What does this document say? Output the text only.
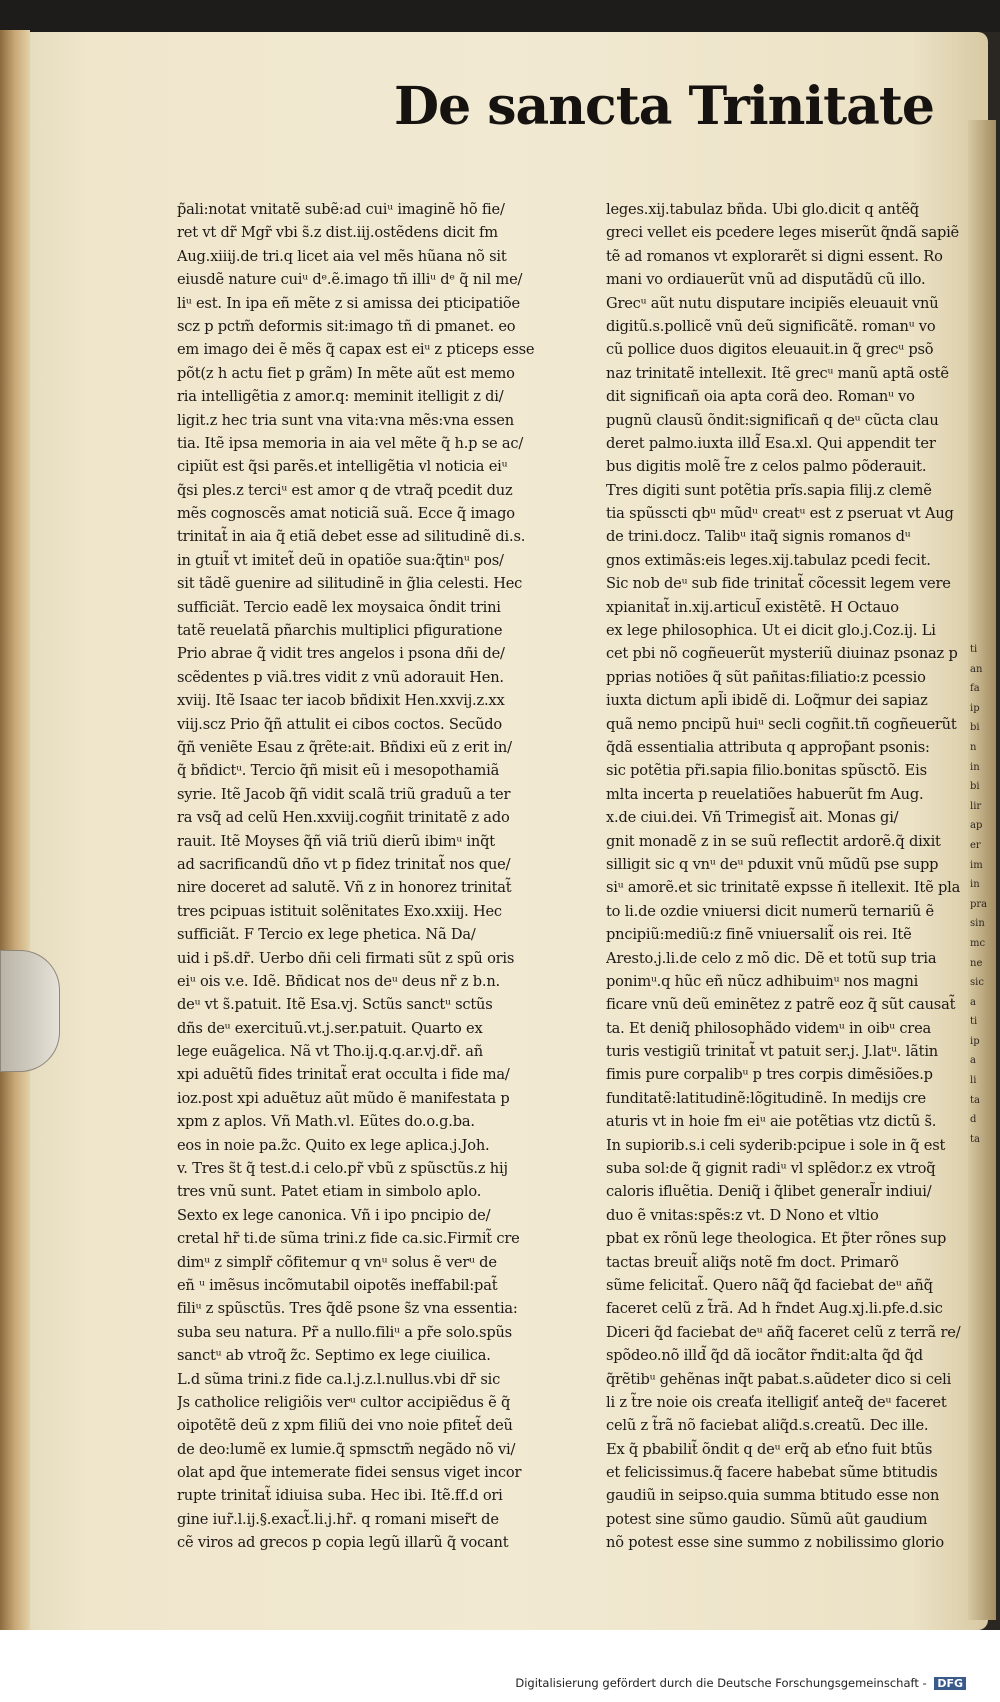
De sancta Trinitate
p̃ali:notat vnitatẽ subẽ:ad cuiᵘ imaginẽ hõ fie/
ret vt dr̃ Mgr̃ vbi s̃.z dist.iij.ostẽdens dicit fm
Aug.xiiij.de tri.q licet aia vel mẽs hũana nõ sit
eiusdẽ nature cuiᵘ dᵉ.ẽ.imago tñ illiᵘ dᵉ q̃ nil me/
liᵘ est. In ipa eñ mẽte z si amissa dei pticipatiõe
scz p pctm̃ deformis sit:imago tñ di pmanet. eo
em imago dei ẽ mẽs q̃ capax est eiᵘ z pticeps esse
põt(z h actu fiet p grãm) In mẽte aũt est memo
ria intelligẽtia z amor.q: meminit itelligit z di/
ligit.z hec tria sunt vna vita:vna mẽs:vna essen
tia. Itẽ ipsa memoria in aia vel mẽte q̃ h.p se ac/
cipiũt est q̃si parẽs.et intelligẽtia vl noticia eiᵘ
q̃si ples.z terciᵘ est amor q de vtraq̃ pcedit duz
mẽs cognoscẽs amat noticiã suã. Ecce q̃ imago
trinitat̃ in aia q̃ etiã debet esse ad silitudinẽ di.s.
in gtuit̃ vt imitet̃ deũ in opatiõe sua:q̃tinᵘ pos/
sit tãdẽ guenire ad silitudinẽ in g̃lia celesti. Hec
sufficiãt. Tercio eadẽ lex moysaica õndit trini
tatẽ reuelatã pñarchis multiplici pfiguratione
Prio abrae q̃ vidit tres angelos i psona dñi de/
scẽdentes p viã.tres vidit z vnũ adorauit Hen.
xviij. Itẽ Isaac ter iacob bñdixit Hen.xxvij.z.xx
viij.scz Prio q̃ñ attulit ei cibos coctos. Secũdo
q̃ñ veniẽte Esau z q̃rẽte:ait. Bñdixi eũ z erit in/
q̃ bñdictᵘ. Tercio q̃ñ misit eũ i mesopothamiã
syrie. Itẽ Jacob q̃ñ vidit scalã triũ graduũ a ter
ra vsq̃ ad celũ Hen.xxviij.cogñit trinitatẽ z ado
rauit. Itẽ Moyses q̃ñ viã triũ dierũ ibimᵘ inq̃t
ad sacrificandũ dño vt p fidez trinitat̃ nos que/
nire doceret ad salutẽ. Vñ z in honorez trinitat̃
tres pcipuas istituit solẽnitates Exo.xxiij. Hec
sufficiãt. F Tercio ex lege phetica. Nã Da/
uid i ps̃.dr̃. Uerbo dñi celi firmati sũt z spũ oris
eiᵘ ois v.e. Idẽ. Bñdicat nos deᵘ deus nr̃ z b.n.
deᵘ vt s̃.patuit. Itẽ Esa.vj. Sctũs sanctᵘ sctũs
dñs deᵘ exercituũ.vt.j.ser.patuit. Quarto ex
lege euãgelica. Nã vt Tho.ij.q.q.ar.vj.dr̃. añ
xpi aduẽtũ fides trinitat̃ erat occulta i fide ma/
ioz.post xpi aduẽtuz aũt mũdo ẽ manifestata p
xpm z aplos. Vñ Math.vl. Eũtes do.o.g.ba.
eos in noie pa.z̃c. Quito ex lege aplica.j.Joh.
v. Tres s̃t q̃ test.d.i celo.pr̃ vbũ z spũsctũs.z hij
tres vnũ sunt. Patet etiam in simbolo aplo.
Sexto ex lege canonica. Vñ i ipo pncipio de/
cretal hr̃ ti.de sũma trini.z fide ca.sic.Firmit̃ cre
dimᵘ z simplr̃ cõfitemur q vnᵘ solus ẽ verᵘ de
eñ ᵘ imẽsus incõmutabil oipotẽs ineffabil:pat̃
filiᵘ z spũsctũs. Tres q̃dẽ psone s̃z vna essentia:
suba seu natura. Pr̃ a nullo.filiᵘ a pr̃e solo.spũs
sanctᵘ ab vtroq̃ z̃c. Septimo ex lege ciuilica.
L.d sũma trini.z fide ca.l.j.z.l.nullus.vbi dr̃ sic
Js catholice religiõis verᵘ cultor accipiẽdus ẽ q̃
oipotẽtẽ deũ z xpm filiũ dei vno noie pfitet̃ deũ
de deo:lumẽ ex lumie.q̃ spmsctm̃ negãdo nõ vi/
olat apd q̃ue intemerate fidei sensus viget incor
rupte trinitat̃ idiuisa suba. Hec ibi. Itẽ.ff.d ori
gine iur̃.l.ij.§.exact̃.li.j.hr̃. q romani miser̃t de
cẽ viros ad grecos p copia legũ illarũ q̃ vocant
leges.xij.tabulaz bñda. Ubi glo.dicit q antẽq̃
greci vellet eis pcedere leges miserũt q̃ndã sapiẽ
tẽ ad romanos vt explorarẽt si digni essent. Ro
mani vo ordiauerũt vnũ ad disputãdũ cũ illo.
Grecᵘ aũt nutu disputare incipiẽs eleuauit vnũ
digitũ.s.pollicẽ vnũ deũ significãtẽ. romanᵘ vo
cũ pollice duos digitos eleuauit.in q̃ grecᵘ psõ
naz trinitatẽ intellexit. Itẽ grecᵘ manũ aptã ostẽ
dit significañ oia apta corã deo. Romanᵘ vo
pugnũ clausũ õndit:significañ q deᵘ cũcta clau
deret palmo.iuxta illd̃ Esa.xl. Qui appendit ter
bus digitis molẽ t̃re z celos palmo põderauit.
Tres digiti sunt potẽtia prĩs.sapia filij.z clemẽ
tia spũsscti qbᵘ mũdᵘ creatᵘ est z pseruat vt Aug
de trini.docz. Talibᵘ itaq̃ signis romanos dᵘ
gnos extimãs:eis leges.xij.tabulaz pcedi fecit.
Sic nob deᵘ sub fide trinitat̃ cõcessit legem vere
xpianitat̃ in.xij.articul̃ existẽtẽ. H Octauo
ex lege philosophica. Ut ei dicit glo.j.Coz.ij. Li
cet pbi nõ cogñeuerũt mysteriũ diuinaz psonaz p
pprias notiões q̃ sũt pañitas:filiatio:z pcessio
iuxta dictum apl̃i ibidẽ di. Loq̃mur dei sapiaz
quã nemo pncipũ huiᵘ secli cogñit.tñ cogñeuerũt
q̃dã essentialia attributa q approp̃ant psonis:
sic potẽtia pr̃i.sapia filio.bonitas spũsctõ. Eis
mlta incerta p reuelatiões habuerũt fm Aug.
x.de ciui.dei. Vñ Trimegist̃ ait. Monas gi/
gnit monadẽ z in se suũ reflectit ardorẽ.q̃ dixit
silligit sic q vnᵘ deᵘ pduxit vnũ mũdũ pse supp
siᵘ amorẽ.et sic trinitatẽ expsse ñ itellexit. Itẽ pla
to li.de ozdie vniuersi dicit numerũ ternariũ ẽ
pncipiũ:mediũ:z finẽ vniuersalit̃ ois rei. Itẽ
Aresto.j.li.de celo z mõ dic. Dẽ et totũ sup tria
ponimᵘ.q hũc eñ nũcz adhibuimᵘ nos magni
ficare vnũ deũ eminẽtez z patrẽ eoz q̃ sũt causat̃
ta. Et deniq̃ philosophãdo videmᵘ in oibᵘ crea
turis vestigiũ trinitat̃ vt patuit ser.j. J.latᵘ. lãtin
fimis pure corpalibᵘ p tres corpis dimẽsiões.p
funditatẽ:latitudinẽ:lõgitudinẽ. In medijs cre
aturis vt in hoie fm eiᵘ aie potẽtias vtz dictũ s̃.
In supiorib.s.i celi syderib:pcipue i sole in q̃ est
suba sol:de q̃ gignit radiᵘ vl splẽdor.z ex vtroq̃
caloris ifluẽtia. Deniq̃ i q̃libet general̃r indiui/
duo ẽ vnitas:spẽs:z vt. D Nono et vltio
pbat ex rõnũ lege theologica. Et p̃ter rõnes sup
tactas breuit̃ aliq̃s notẽ fm doct. Primarõ
sũme felicitat̃. Quero nãq̃ q̃d faciebat deᵘ añq̃
faceret celũ z t̃rã. Ad h r̃ndet Aug.xj.li.pfe.d.sic
Diceri q̃d faciebat deᵘ añq̃ faceret celũ z terrã re/
spõdeo.nõ illd̃ q̃d dã iocãtor r̃ndit:alta q̃d q̃d
q̃rẽtibᵘ gehẽnas inq̃t pabat.s.aũdeter dico si celi
li z t̃re noie ois creaťa itelligiť anteq̃ deᵘ faceret
celũ z t̃rã nõ faciebat aliq̃d.s.creatũ. Dec ille.
Ex q̃ pbabilit̃ õndit q deᵘ erq̃ ab eťno fuit btũs
et felicissimus.q̃ facere habebat sũme btitudis
gaudiũ in seipso.quia summa btitudo esse non
potest sine sũmo gaudio. Sũmũ aũt gaudium
nõ potest esse sine summo z nobilissimo glorio
ti
an
fa
ip
bi
n
in
bi
lir
ap
er
im
in
pra
sin
mc
ne
sic
a
ti
ip
a
li
ta
d
ta
Digitalisierung gefördert durch die Deutsche Forschungsgemeinschaft - DFG
